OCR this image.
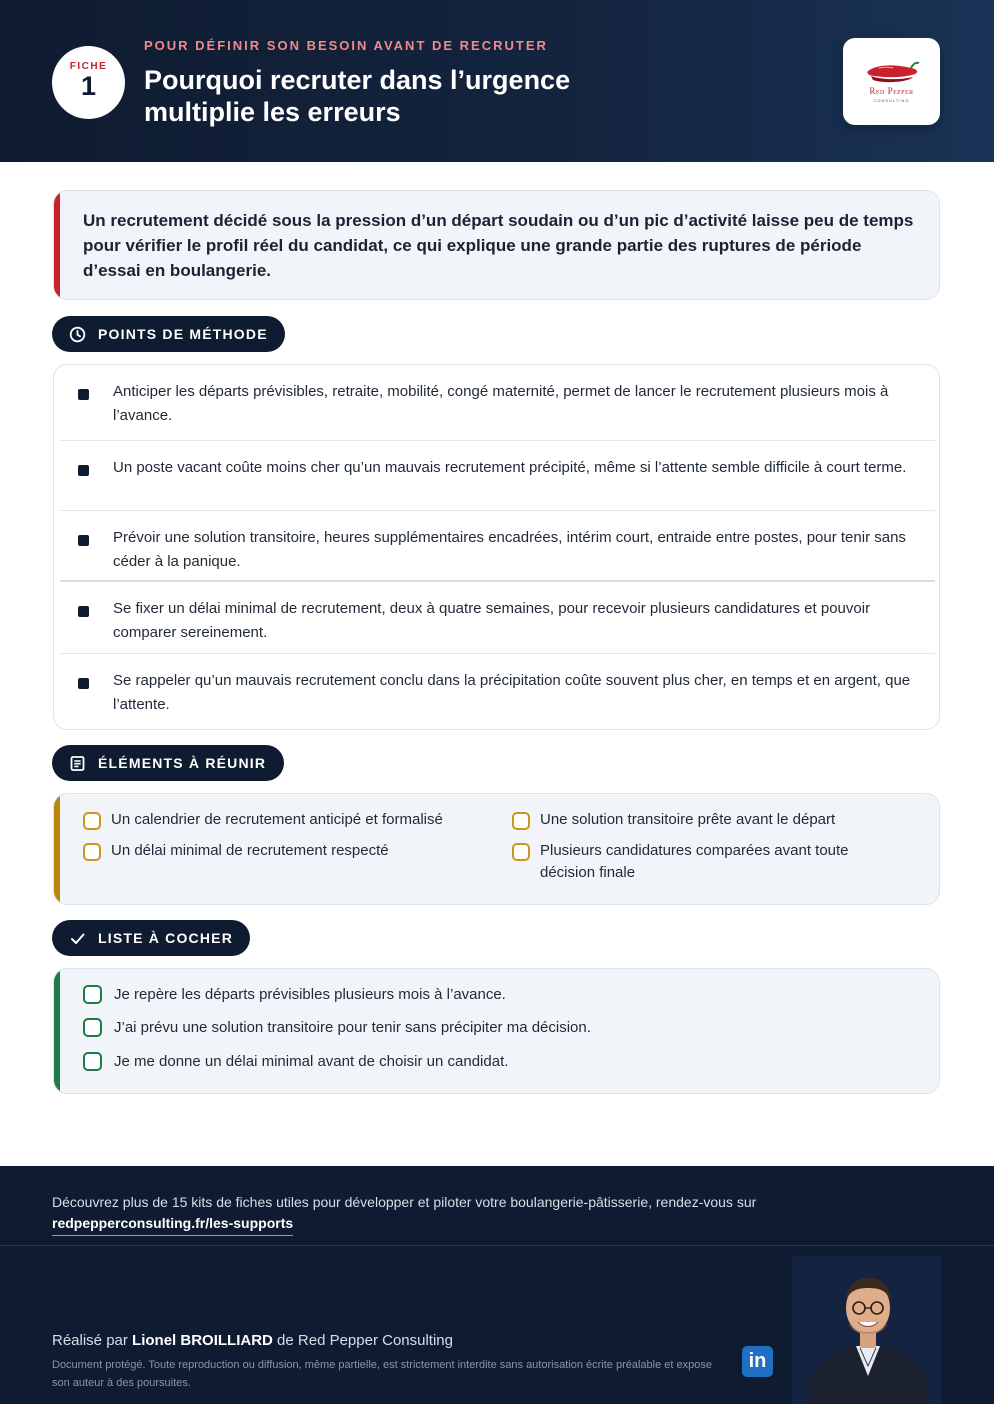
FICHE
1
POUR DÉFINIR SON BESOIN AVANT DE RECRUTER
Pourquoi recruter dans l’urgence multiplie les erreurs
Red Pepper
CONSULTING

Un recrutement décidé sous la pression d’un départ soudain ou d’un pic d’activité laisse peu de temps pour vérifier le profil réel du candidat, ce qui explique une grande partie des ruptures de période d’essai en boulangerie.

POINTS DE MÉTHODE
Anticiper les départs prévisibles, retraite, mobilité, congé maternité, permet de lancer le recrutement plusieurs mois à l’avance.
Un poste vacant coûte moins cher qu’un mauvais recrutement précipité, même si l’attente semble difficile à court terme.
Prévoir une solution transitoire, heures supplémentaires encadrées, intérim court, entraide entre postes, pour tenir sans céder à la panique.
Se fixer un délai minimal de recrutement, deux à quatre semaines, pour recevoir plusieurs candidatures et pouvoir comparer sereinement.
Se rappeler qu’un mauvais recrutement conclu dans la précipitation coûte souvent plus cher, en temps et en argent, que l’attente.
ÉLÉMENTS À RÉUNIR
Un calendrier de recrutement anticipé et formalisé
Un délai minimal de recrutement respecté
Une solution transitoire prête avant le départ
Plusieurs candidatures comparées avant toute décision finale
LISTE À COCHER
Je repère les départs prévisibles plusieurs mois à l’avance.
J’ai prévu une solution transitoire pour tenir sans précipiter ma décision.
Je me donne un délai minimal avant de choisir un candidat.
Découvrez plus de 15 kits de fiches utiles pour développer et piloter votre boulangerie-pâtisserie, rendez-vous sur
redpepperconsulting.fr/les-supports
Réalisé par Lionel BROILLIARD de Red Pepper Consulting
Document protégé. Toute reproduction ou diffusion, même partielle, est strictement interdite sans autorisation écrite préalable et expose son auteur à des poursuites.
in
